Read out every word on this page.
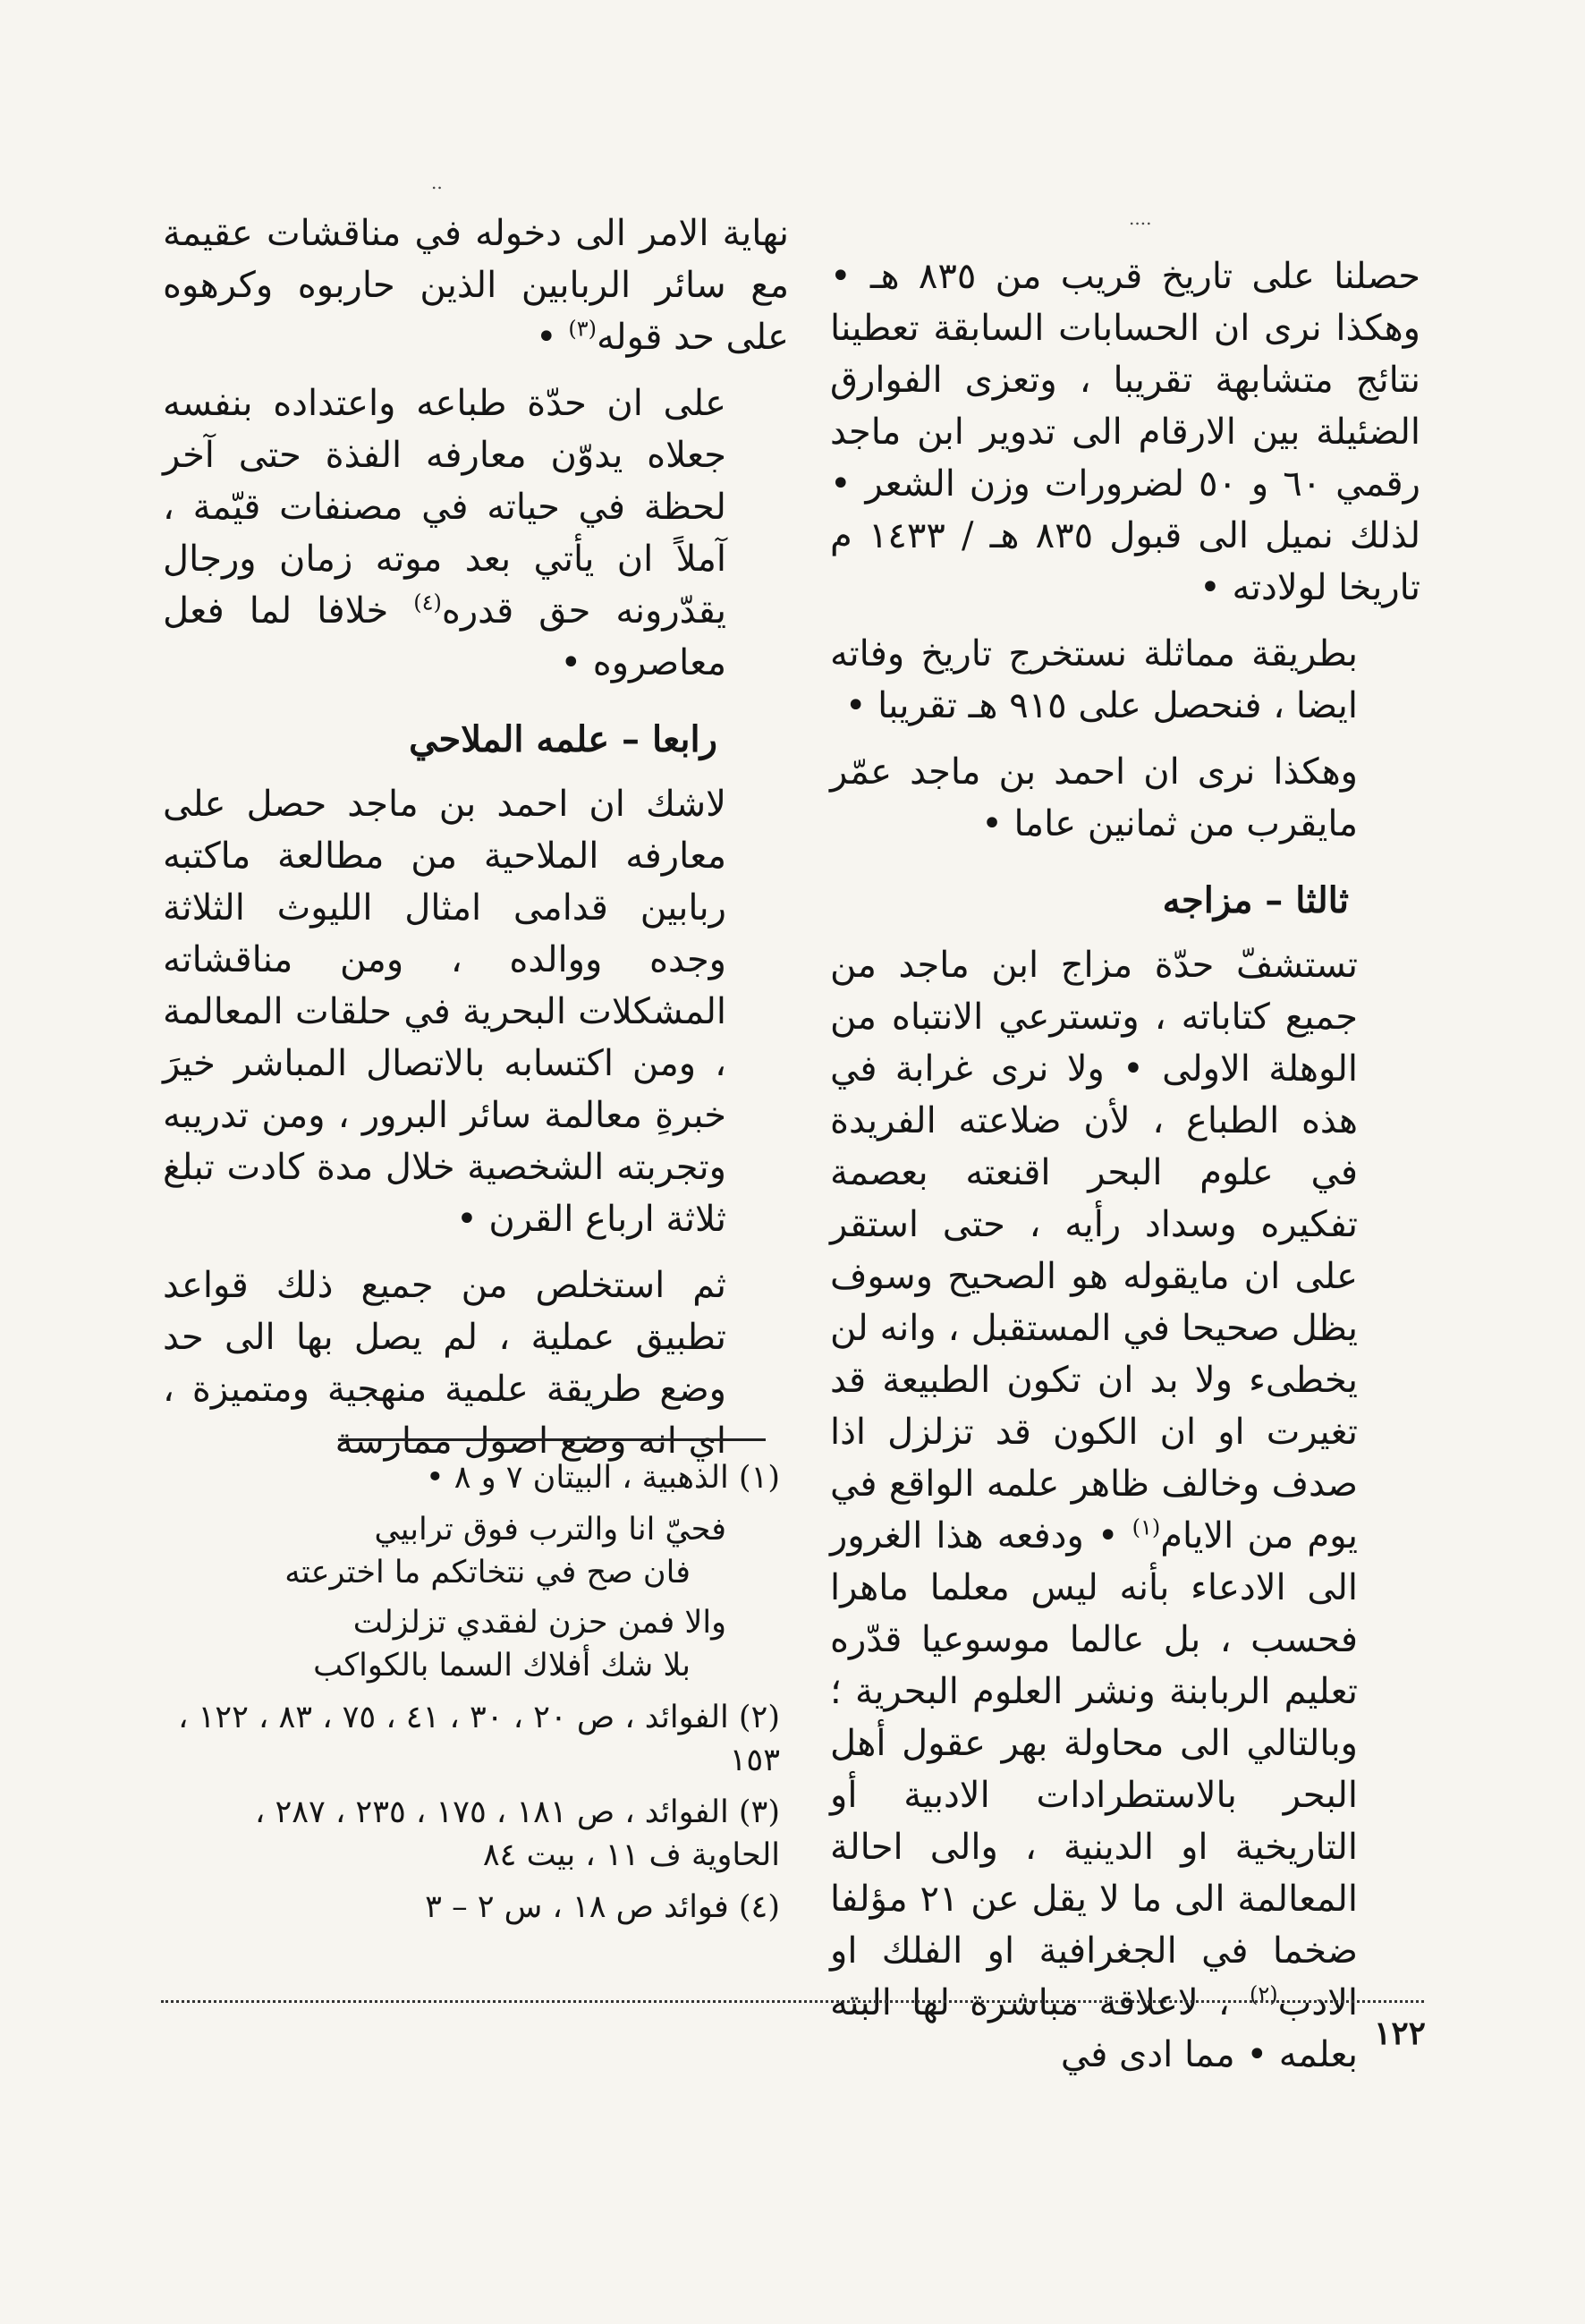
..
....

حصلنا على تاريخ قريب من ٨٣٥ هـ • وهكذا نرى ان الحسابات السابقة تعطينا نتائج متشابهة تقريبا ، وتعزى الفوارق الضئيلة بين الارقام الى تدوير ابن ماجد رقمي ٦٠ و ٥٠ لضرورات وزن الشعر • لذلك نميل الى قبول ٨٣٥ هـ / ١٤٣٣ م تاريخا لولادته •

بطريقة مماثلة نستخرج تاريخ وفاته ايضا ، فنحصل على ٩١٥ هـ تقريبا •

وهكذا نرى ان احمد بن ماجد عمّر مايقرب من ثمانين عاما •

ثالثا – مزاجه

تستشفّ حدّة مزاج ابن ماجد من جميع كتاباته ، وتسترعي الانتباه من الوهلة الاولى • ولا نرى غرابة في هذه الطباع ، لأن ضلاعته الفريدة في علوم البحر اقنعته بعصمة تفكيره وسداد رأيه ، حتى استقر على ان مايقوله هو الصحيح وسوف يظل صحيحا في المستقبل ، وانه لن يخطىء ولا بد ان تكون الطبيعة قد تغيرت او ان الكون قد تزلزل اذا صدف وخالف ظاهر علمه الواقع في يوم من الايام$^{(١)}$ • ودفعه هذا الغرور الى الادعاء بأنه ليس معلما ماهرا فحسب ، بل عالما موسوعيا قدّره تعليم الربابنة ونشر العلوم البحرية ؛ وبالتالي الى محاولة بهر عقول أهل البحر بالاستطرادات الادبية أو التاريخية او الدينية ، والى احالة المعالمة الى ما لا يقل عن ٢١ مؤلفا ضخما في الجغرافية او الفلك او الادب$^{(٢)}$ ، لاعلاقة مباشرة لها البته بعلمه • مما ادى في

نهاية الامر الى دخوله في مناقشات عقيمة مع سائر الربابين الذين حاربوه وكرهوه على حد قوله$^{(٣)}$ •

على ان حدّة طباعه واعتداده بنفسه جعلاه يدوّن معارفه الفذة حتى آخر لحظة في حياته في مصنفات قيّمة ، آملاً ان يأتي بعد موته زمان ورجال يقدّرونه حق قدره$^{(٤)}$ خلافا لما فعل معاصروه •

رابعا – علمه الملاحي

لاشك ان احمد بن ماجد حصل على معارفه الملاحية من مطالعة ماكتبه ربابين قدامى امثال الليوث الثلاثة وجده ووالده ، ومن مناقشاته المشكلات البحرية في حلقات المعالمة ، ومن اكتسابه بالاتصال المباشر خيرَ خبرةِ معالمة سائر البرور ، ومن تدريبه وتجربته الشخصية خلال مدة كادت تبلغ ثلاثة ارباع القرن •

ثم استخلص من جميع ذلك قواعد تطبيق عملية ، لم يصل بها الى حد وضع طريقة علمية منهجية ومتميزة ، اي انه وضع اصول ممارسة

(١) الذهبية ، البيتان ٧ و ٨ •

فحيّ انا والترب فوق ترابيي
فان صح في نتخاتكم ما اخترعته
والا فمن حزن لفقدي تزلزلت
بلا شك أفلاك السما بالكواكب

(٢) الفوائد ، ص ٢٠ ، ٣٠ ، ٤١ ، ٧٥ ، ٨٣ ، ١٢٢ ، ١٥٣

(٣) الفوائد ، ص ١٨١ ، ١٧٥ ، ٢٣٥ ، ٢٨٧ ، الحاوية ف ١١ ، بيت ٨٤

(٤) فوائد ص ١٨ ، س ٢ – ٣

١٢٢
